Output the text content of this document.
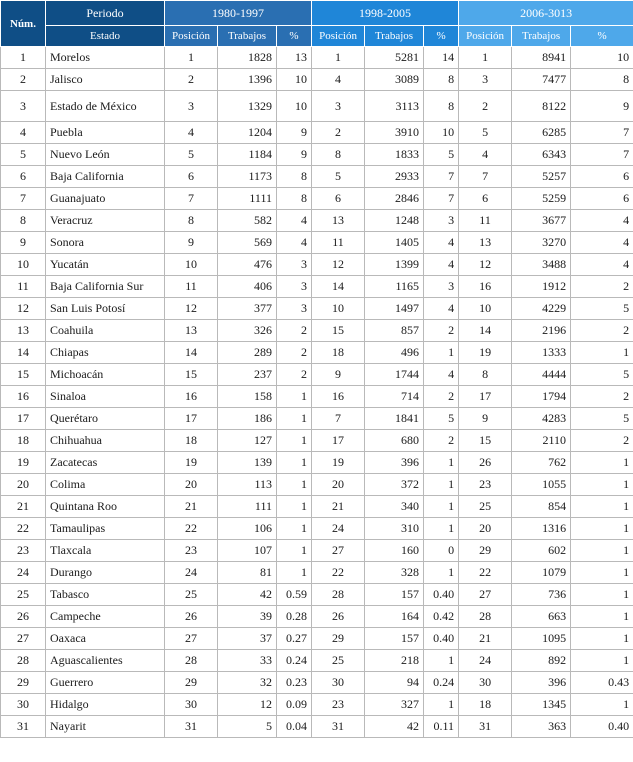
Núm.	Periodo	1980-1997			1998-2005			2006-3013		
	Estado	Posición	Trabajos	%	Posición	Trabajos	%	Posición	Trabajos	%
1	Morelos	1	1828	13	1	5281	14	1	8941	10
2	Jalisco	2	1396	10	4	3089	8	3	7477	8
3	Estado de México	3	1329	10	3	3113	8	2	8122	9
4	Puebla	4	1204	9	2	3910	10	5	6285	7
5	Nuevo León	5	1184	9	8	1833	5	4	6343	7
6	Baja California	6	1173	8	5	2933	7	7	5257	6
7	Guanajuato	7	1111	8	6	2846	7	6	5259	6
8	Veracruz	8	582	4	13	1248	3	11	3677	4
9	Sonora	9	569	4	11	1405	4	13	3270	4
10	Yucatán	10	476	3	12	1399	4	12	3488	4
11	Baja California Sur	11	406	3	14	1165	3	16	1912	2
12	San Luis Potosí	12	377	3	10	1497	4	10	4229	5
13	Coahuila	13	326	2	15	857	2	14	2196	2
14	Chiapas	14	289	2	18	496	1	19	1333	1
15	Michoacán	15	237	2	9	1744	4	8	4444	5
16	Sinaloa	16	158	1	16	714	2	17	1794	2
17	Querétaro	17	186	1	7	1841	5	9	4283	5
18	Chihuahua	18	127	1	17	680	2	15	2110	2
19	Zacatecas	19	139	1	19	396	1	26	762	1
20	Colima	20	113	1	20	372	1	23	1055	1
21	Quintana Roo	21	111	1	21	340	1	25	854	1
22	Tamaulipas	22	106	1	24	310	1	20	1316	1
23	Tlaxcala	23	107	1	27	160	0	29	602	1
24	Durango	24	81	1	22	328	1	22	1079	1
25	Tabasco	25	42	0.59	28	157	0.40	27	736	1
26	Campeche	26	39	0.28	26	164	0.42	28	663	1
27	Oaxaca	27	37	0.27	29	157	0.40	21	1095	1
28	Aguascalientes	28	33	0.24	25	218	1	24	892	1
29	Guerrero	29	32	0.23	30	94	0.24	30	396	0.43
30	Hidalgo	30	12	0.09	23	327	1	18	1345	1
31	Nayarit	31	5	0.04	31	42	0.11	31	363	0.40
